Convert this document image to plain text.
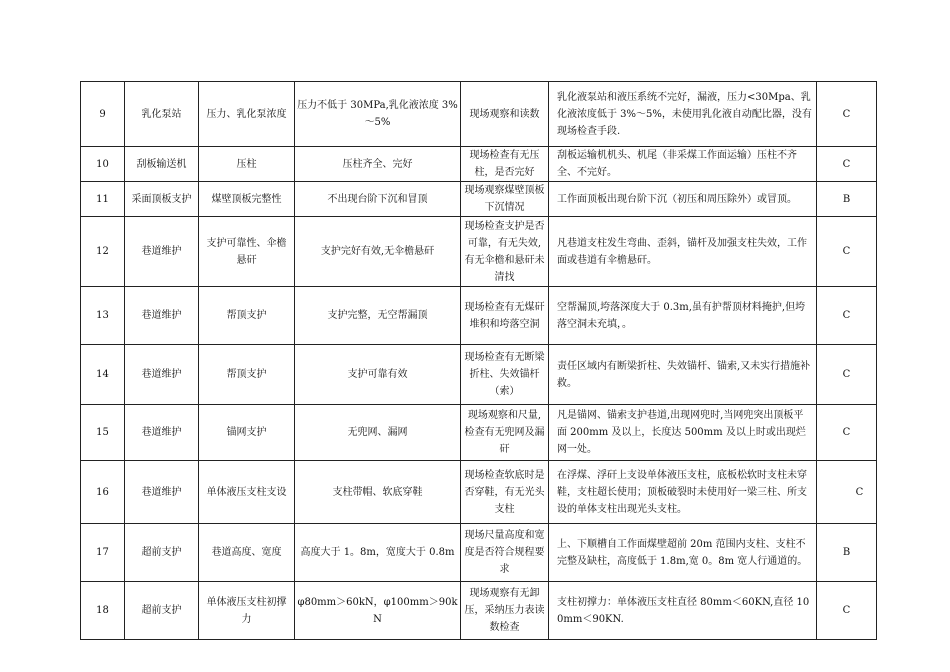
9	乳化泵站	压力、乳化泵浓度	压力不低于 30MPa,乳化液浓度 3%～5%	现场观察和读数	乳化液泵站和液压系统不完好，漏液，压力<30Mpa、乳化液浓度低于 3%～5%，未使用乳化液自动配比器，没有现场检查手段.	C
10	刮板输送机	压柱	压柱齐全、完好	现场检查有无压柱，是否完好	刮板运输机机头、机尾（非采煤工作面运输）压柱不齐全、不完好。	C
11	采面顶板支护	煤壁顶板完整性	不出现台阶下沉和冒顶	现场观察煤壁顶板下沉情况	工作面顶板出现台阶下沉（初压和周压除外）或冒顶。	B
12	巷道维护	支护可靠性、伞檐悬矸	支护完好有效,无伞檐悬矸	现场检查支护是否可靠，有无失效,有无伞檐和悬矸未清找	凡巷道支柱发生弯曲、歪斜，锚杆及加强支柱失效，工作面或巷道有伞檐悬矸。	C
13	巷道维护	帮顶支护	支护完整，无空帮漏顶	现场检查有无煤矸堆积和垮落空洞	空帮漏顶,垮落深度大于 0.3m,虽有护帮顶材料掩护,但垮落空洞未充填，。	C
14	巷道维护	帮顶支护	支护可靠有效	现场检查有无断梁折柱、失效锚杆（索）	责任区域内有断梁折柱、失效锚杆、锚索,又未实行措施补救。	C
15	巷道维护	锚网支护	无兜网、漏网	现场观察和尺量,检查有无兜网及漏矸	凡是锚网、锚索支护巷道,出现网兜时,当网兜突出顶板平面 200mm 及以上，长度达 500mm 及以上时或出现烂网一处。	C
16	巷道维护	单体液压支柱支设	支柱带帽、软底穿鞋	现场检查软底时是否穿鞋，有无光头支柱	在浮煤、浮矸上支设单体液压支柱，底板松软时支柱未穿鞋，支柱超长使用；顶板破裂时未使用好一梁三柱、所支设的单体支柱出现光头支柱。	C
17	超前支护	巷道高度、宽度	高度大于 1。8m，宽度大于 0.8m	现场尺量高度和宽度是否符合规程要求	上、下顺槽自工作面煤壁超前 20m 范围内支柱、支柱不完整及缺柱，高度低于 1.8m,宽 0。8m 宽人行通道的。	B
18	超前支护	单体液压支柱初撑力	φ80mm＞60kN，φ100mm＞90kN	现场观察有无卸压，采纳压力表读数检查	支柱初撑力：单体液压支柱直径 80mm＜60KN,直径 100mm＜90KN.	C
